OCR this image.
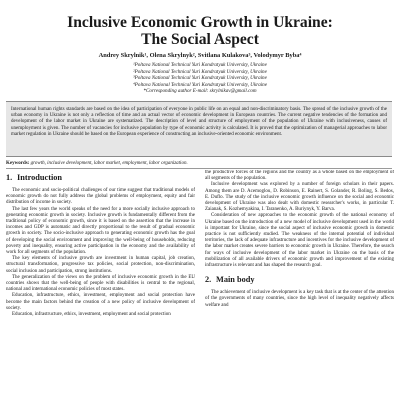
Inclusive Economic Growth in Ukraine:
The Social Aspect
Andrey Skrylnik¹, Olena Skrylnyk², Svitlana Kulakova³, Volodymyr Byba⁴
¹Poltava National Technical Yuri Kondratyuk University, Ukraine
²Poltava National Technical Yuri Kondratyuk University, Ukraine
³Poltava National Technical Yuri Kondratyuk University, Ukraine
⁴Poltava National Technical Yuri Kondratyuk University, Ukraine
*Corresponding author E-mail: skrylnikav@gmail.com
International human rights standards are based on the idea of participation of everyone in public life on an equal and non-discriminatory basis. The spread of the inclusive growth of the urban economy in Ukraine is not only a reflection of time and an actual vector of economic development in European countries. The current negative tendencies of the formation and development of the labor market in Ukraine are systematized. The description of level and structure of employment of the population of Ukraine with inclusiveness, causes of unemployment is given. The number of vacancies for inclusive population by type of economic activity is calculated. It is proved that the optimization of managerial approaches to labor market regulation in Ukraine should be based on the European experience of constructing an inclusive-oriented economic environment.
Keywords: growth, inclusive development, labor market, employment, labor organization.
1. Introduction

The economic and socio-political challenges of our time suggest that traditional models of economic growth do not fully address the global problems of employment, equity and fair distribution of income in society.

The last few years the world speaks of the need for a more socially inclusive approach to generating economic growth in society. Inclusive growth is fundamentally different from the traditional policy of economic growth, since it is based on the assertion that the increase in incomes and GDP is automatic and directly proportional to the result of gradual economic growth in society. The socio-inclusive approach to generating economic growth has the goal of developing the social environment and improving the well-being of households, reducing poverty and inequality, ensuring active participation in the economy and the availability of work for all segments of the population.

The key elements of inclusive growth are investment in human capital, job creation, structural transformation, progressive tax policies, social protection, non-discrimination, social inclusion and participation, strong institutions.

The generalization of the views on the problem of inclusive economic growth in the EU countries shows that the well-being of people with disabilities is central to the regional, national and international economic policies of most states.

Education, infrastructure, ethics, investment, employment and social protection have become the main factors behind the creation of a new policy of inclusive development of society.

Education, infrastructure, ethics, investment, employment and social protection

the productive forces of the regions and the country as a whole based on the employment of all segments of the population.

Inclusive development was explored by a number of foreign scholars in their papers. Among them are D. Acemoglou, D. Robinson, E. Rainert, S. Golander, R. Boling, S. Bedos, E. Duflo. The study of the inclusive economic growth influence on the social and economic development of Ukraine was also dealt with domestic researcher's works, in particular T. Zaianak, S. Kozhemyakina, I. Taranenko, A. Buriynyk, Y. Barva.

Consideration of new approaches to the economic growth of the national economy of Ukraine based on the introduction of a new model of inclusive development used in the world is important for Ukraine, since the social aspect of inclusive economic growth in domestic practice is not sufficiently studied. The weakness of the internal potential of individual territories, the lack of adequate infrastructure and incentives for the inclusive development of the labor market creates severe barriers to economic growth in Ukraine. Therefore, the search for ways of inclusive development of the labor market in Ukraine on the basis of the mobilization of all available drivers of economic growth and improvement of the existing infrastructure is relevant and has shaped the research goal.

2. Main body

The achievement of inclusive development is a key task that is at the center of the attention of the governments of many countries, since the high level of inequality negatively affects welfare and
